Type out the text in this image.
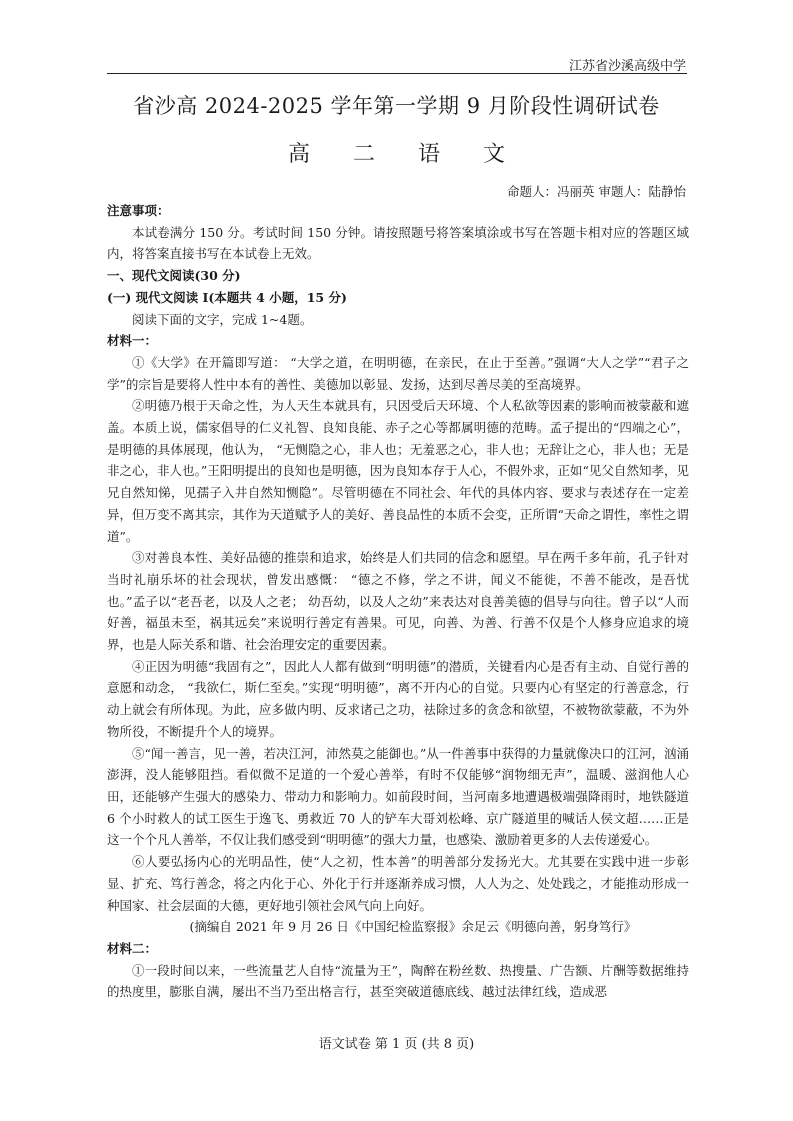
江苏省沙溪高级中学
省沙高 2024-2025 学年第一学期 9 月阶段性调研试卷
高 二 语 文
命题人：冯丽英 审题人：陆静怡

注意事项：

本试卷满分 150 分。考试时间 150 分钟。请按照题号将答案填涂或书写在答题卡相对应的答题区域内，将答案直接书写在本试卷上无效。

一、现代文阅读(30 分)

(一) 现代文阅读 Ⅰ(本题共 4 小题，15 分)

阅读下面的文字，完成 1~4题。

材料一：

①《大学》在开篇即写道： “大学之道，在明明德，在亲民，在止于至善。”强调“大人之学”“君子之学”的宗旨是要将人性中本有的善性、美德加以彰显、发扬，达到尽善尽美的至高境界。

②明德乃根于天命之性，为人天生本就具有，只因受后天环境、个人私欲等因素的影响而被蒙蔽和遮盖。本质上说，儒家倡导的仁义礼智、良知良能、赤子之心等都属明德的范畴。孟子提出的“四端之心”，是明德的具体展现，他认为， “无恻隐之心，非人也；无羞恶之心，非人也；无辞让之心，非人也；无是非之心，非人也。”王阳明提出的良知也是明德，因为良知本存于人心，不假外求，正如“见父自然知孝，见兄自然知悌，见孺子入井自然知恻隐”。尽管明德在不同社会、年代的具体内容、要求与表述存在一定差异，但万变不离其宗，其作为天道赋予人的美好、善良品性的本质不会变，正所谓“天命之谓性，率性之谓道”。

③对善良本性、美好品德的推崇和追求，始终是人们共同的信念和愿望。早在两千多年前，孔子针对当时礼崩乐坏的社会现状，曾发出感慨： “德之不修，学之不讲，闻义不能徙，不善不能改，是吾忧也。”孟子以“老吾老，以及人之老； 幼吾幼，以及人之幼”来表达对良善美德的倡导与向往。曾子以“人而好善，福虽未至，祸其远矣”来说明行善定有善果。可见，向善、为善、行善不仅是个人修身应追求的境界，也是人际关系和谐、社会治理安定的重要因素。

④正因为明德“我固有之”，因此人人都有做到“明明德”的潜质，关键看内心是否有主动、自觉行善的意愿和动念， “我欲仁，斯仁至矣。”实现“明明德”，离不开内心的自觉。只要内心有坚定的行善意念，行动上就会有所体现。为此，应多做内明、反求诸己之功，祛除过多的贪念和欲望，不被物欲蒙蔽，不为外物所役，不断提升个人的境界。

⑤“闻一善言，见一善，若决江河，沛然莫之能御也。”从一件善事中获得的力量就像决口的江河，汹涌澎湃，没人能够阻挡。看似微不足道的一个爱心善举，有时不仅能够“润物细无声”，温暖、滋润他人心田，还能够产生强大的感染力、带动力和影响力。如前段时间，当河南多地遭遇极端强降雨时，地铁隧道6 个小时救人的试工医生于逸飞、勇救近 70 人的铲车大哥刘松峰、京广隧道里的喊话人侯文超……正是这一个个凡人善举，不仅让我们感受到“明明德”的强大力量，也感染、激励着更多的人去传递爱心。

⑥人要弘扬内心的光明品性，使“人之初，性本善”的明善部分发扬光大。尤其要在实践中进一步彰显、扩充、笃行善念，将之内化于心、外化于行并逐渐养成习惯，人人为之、处处践之，才能推动形成一种国家、社会层面的大德，更好地引领社会风气向上向好。

(摘编自 2021 年 9 月 26 日《中国纪检监察报》余足云《明德向善，躬身笃行》

材料二：

①一段时间以来，一些流量艺人自恃“流量为王”，陶醉在粉丝数、热搜量、广告额、片酬等数据维持的热度里，膨胀自满，屡出不当乃至出格言行，甚至突破道德底线、越过法律红线，造成恶

语文试卷 第 1 页 (共 8 页)
